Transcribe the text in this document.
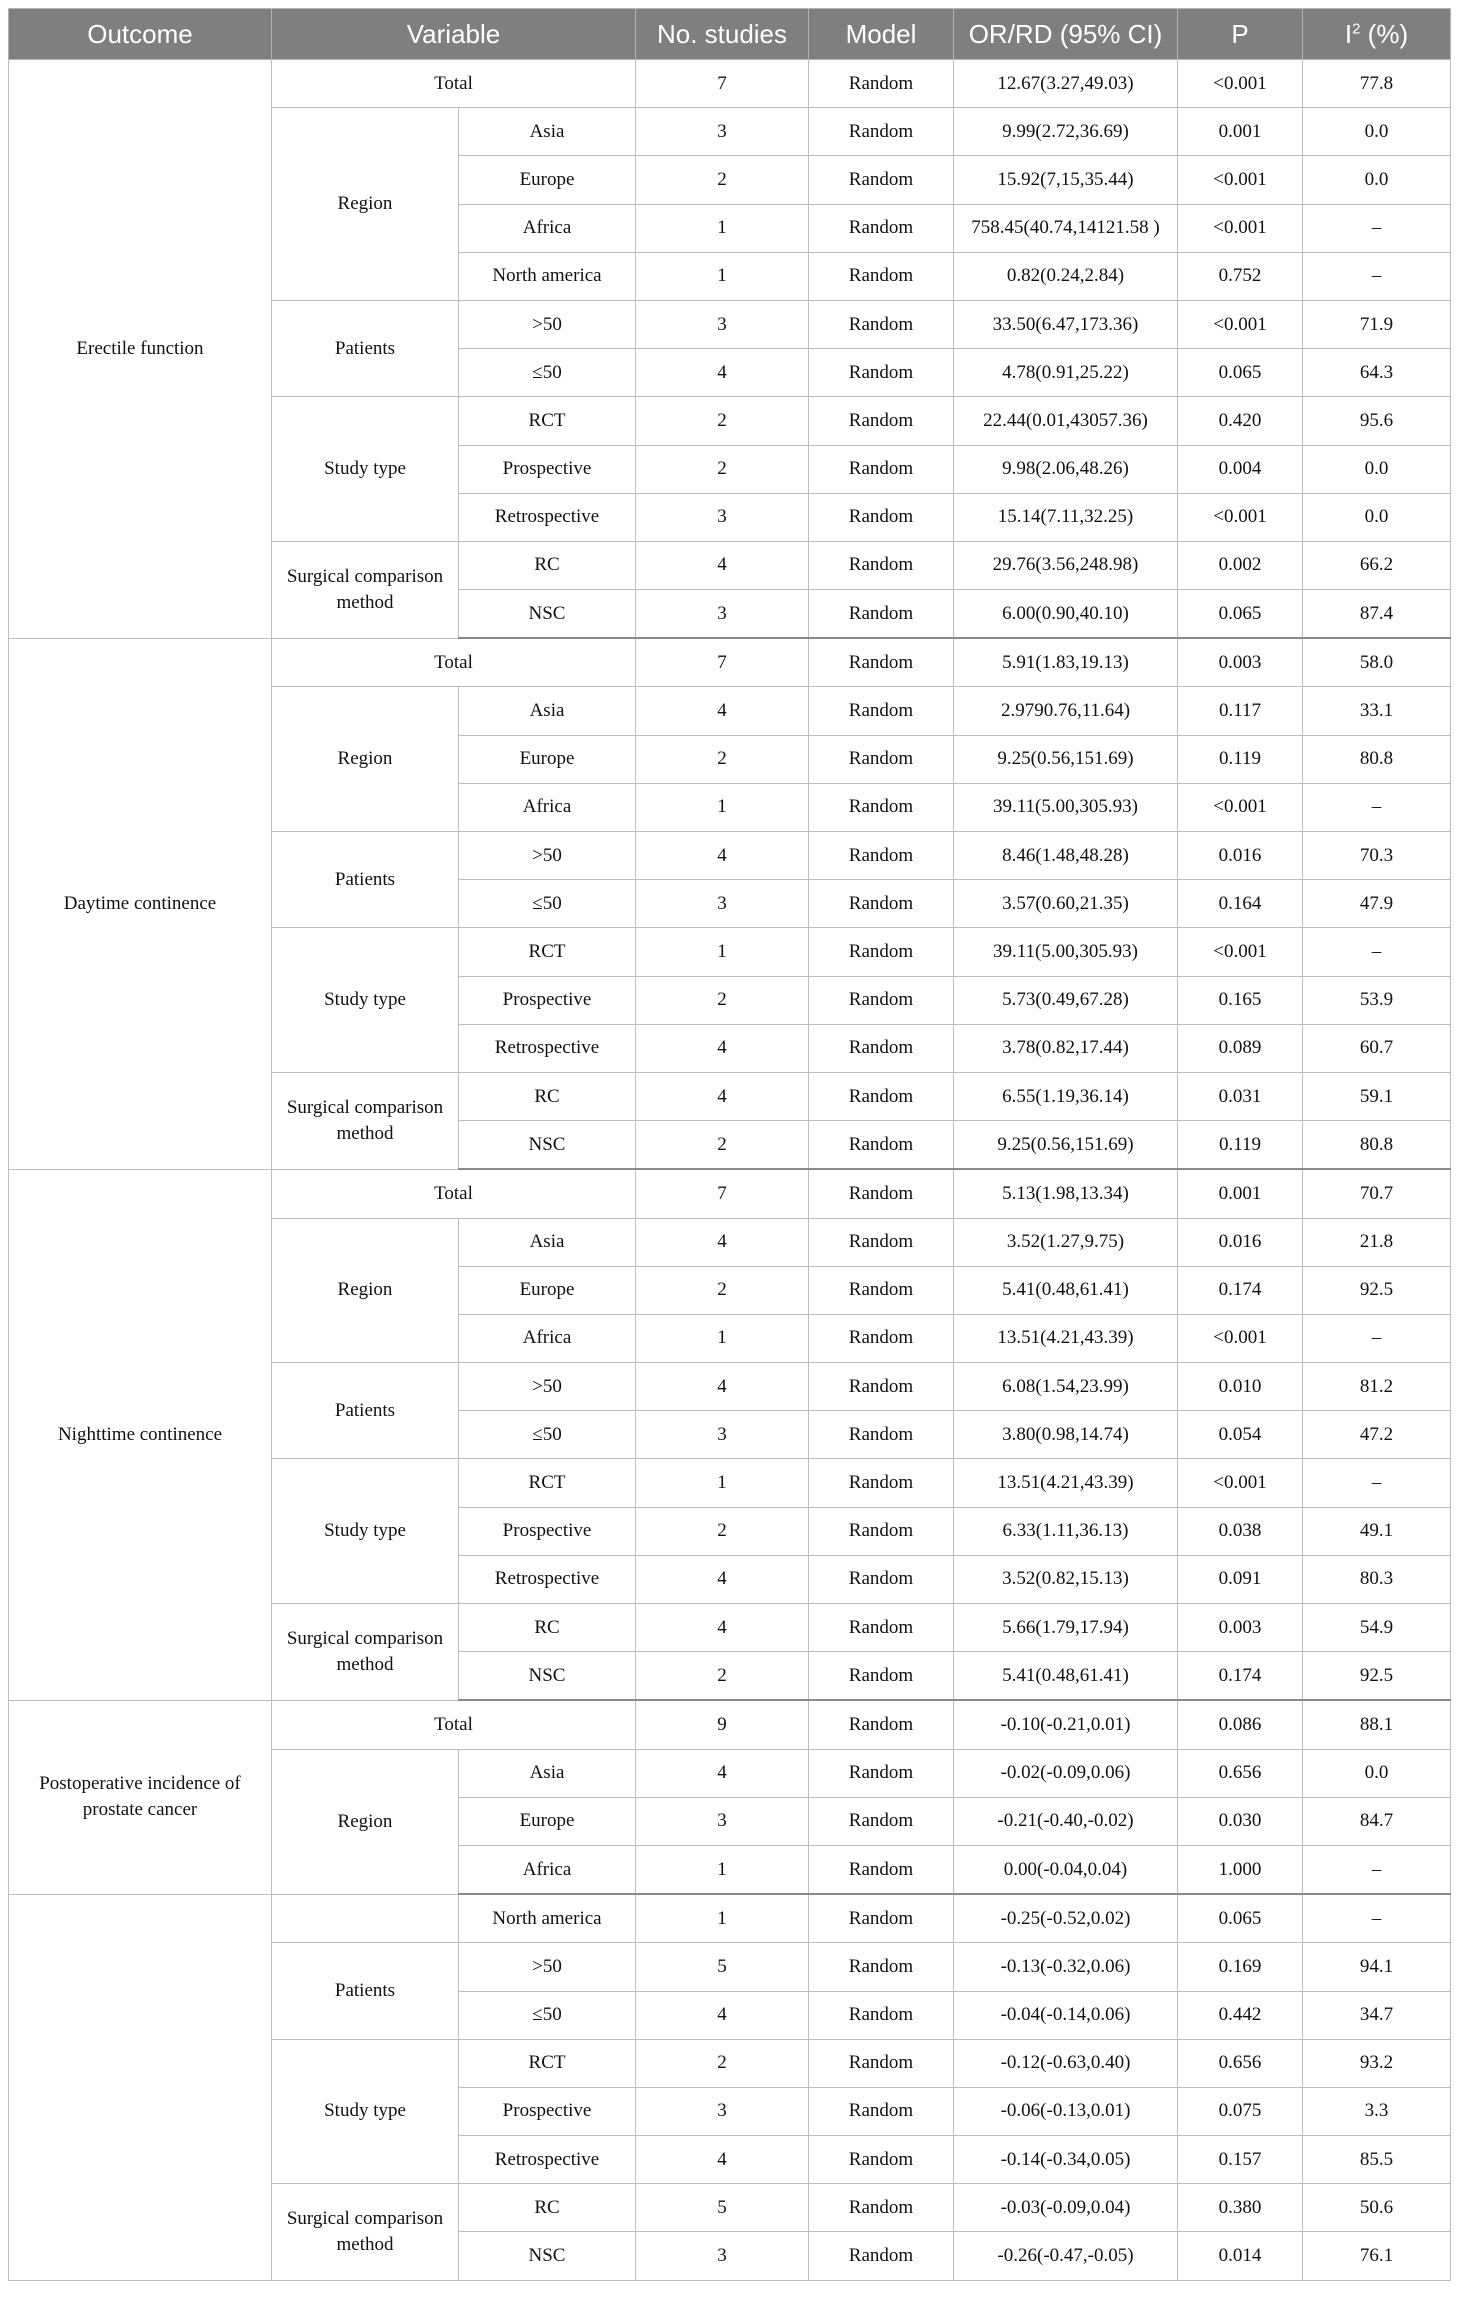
Outcome	Variable		No. studies	Model	OR/RD (95% CI)	P	$I^2$ (%)
Erectile function	Total		7	Random	12.67(3.27,49.03)	<0.001	77.8
	Region	Asia	3	Random	9.99(2.72,36.69)	0.001	0.0
		Europe	2	Random	15.92(7,15,35.44)	<0.001	0.0
		Africa	1	Random	758.45(40.74,14121.58 )	<0.001	–
		North america	1	Random	0.82(0.24,2.84)	0.752	–
	Patients	>50	3	Random	33.50(6.47,173.36)	<0.001	71.9
		≤50	4	Random	4.78(0.91,25.22)	0.065	64.3
	Study type	RCT	2	Random	22.44(0.01,43057.36)	0.420	95.6
		Prospective	2	Random	9.98(2.06,48.26)	0.004	0.0
		Retrospective	3	Random	15.14(7.11,32.25)	<0.001	0.0
	Surgical comparison method	RC	4	Random	29.76(3.56,248.98)	0.002	66.2
		NSC	3	Random	6.00(0.90,40.10)	0.065	87.4
Daytime continence	Total		7	Random	5.91(1.83,19.13)	0.003	58.0
	Region	Asia	4	Random	2.9790.76,11.64)	0.117	33.1
		Europe	2	Random	9.25(0.56,151.69)	0.119	80.8
		Africa	1	Random	39.11(5.00,305.93)	<0.001	–
	Patients	>50	4	Random	8.46(1.48,48.28)	0.016	70.3
		≤50	3	Random	3.57(0.60,21.35)	0.164	47.9
	Study type	RCT	1	Random	39.11(5.00,305.93)	<0.001	–
		Prospective	2	Random	5.73(0.49,67.28)	0.165	53.9
		Retrospective	4	Random	3.78(0.82,17.44)	0.089	60.7
	Surgical comparison method	RC	4	Random	6.55(1.19,36.14)	0.031	59.1
		NSC	2	Random	9.25(0.56,151.69)	0.119	80.8
Nighttime continence	Total		7	Random	5.13(1.98,13.34)	0.001	70.7
	Region	Asia	4	Random	3.52(1.27,9.75)	0.016	21.8
		Europe	2	Random	5.41(0.48,61.41)	0.174	92.5
		Africa	1	Random	13.51(4.21,43.39)	<0.001	–
	Patients	>50	4	Random	6.08(1.54,23.99)	0.010	81.2
		≤50	3	Random	3.80(0.98,14.74)	0.054	47.2
	Study type	RCT	1	Random	13.51(4.21,43.39)	<0.001	–
		Prospective	2	Random	6.33(1.11,36.13)	0.038	49.1
		Retrospective	4	Random	3.52(0.82,15.13)	0.091	80.3
	Surgical comparison method	RC	4	Random	5.66(1.79,17.94)	0.003	54.9
		NSC	2	Random	5.41(0.48,61.41)	0.174	92.5
Postoperative incidence of prostate cancer	Total		9	Random	-0.10(-0.21,0.01)	0.086	88.1
	Region	Asia	4	Random	-0.02(-0.09,0.06)	0.656	0.0
		Europe	3	Random	-0.21(-0.40,-0.02)	0.030	84.7
		Africa	1	Random	0.00(-0.04,0.04)	1.000	–
		North america	1	Random	-0.25(-0.52,0.02)	0.065	–
	Patients	>50	5	Random	-0.13(-0.32,0.06)	0.169	94.1
		≤50	4	Random	-0.04(-0.14,0.06)	0.442	34.7
	Study type	RCT	2	Random	-0.12(-0.63,0.40)	0.656	93.2
		Prospective	3	Random	-0.06(-0.13,0.01)	0.075	3.3
		Retrospective	4	Random	-0.14(-0.34,0.05)	0.157	85.5
	Surgical comparison method	RC	5	Random	-0.03(-0.09,0.04)	0.380	50.6
		NSC	3	Random	-0.26(-0.47,-0.05)	0.014	76.1
